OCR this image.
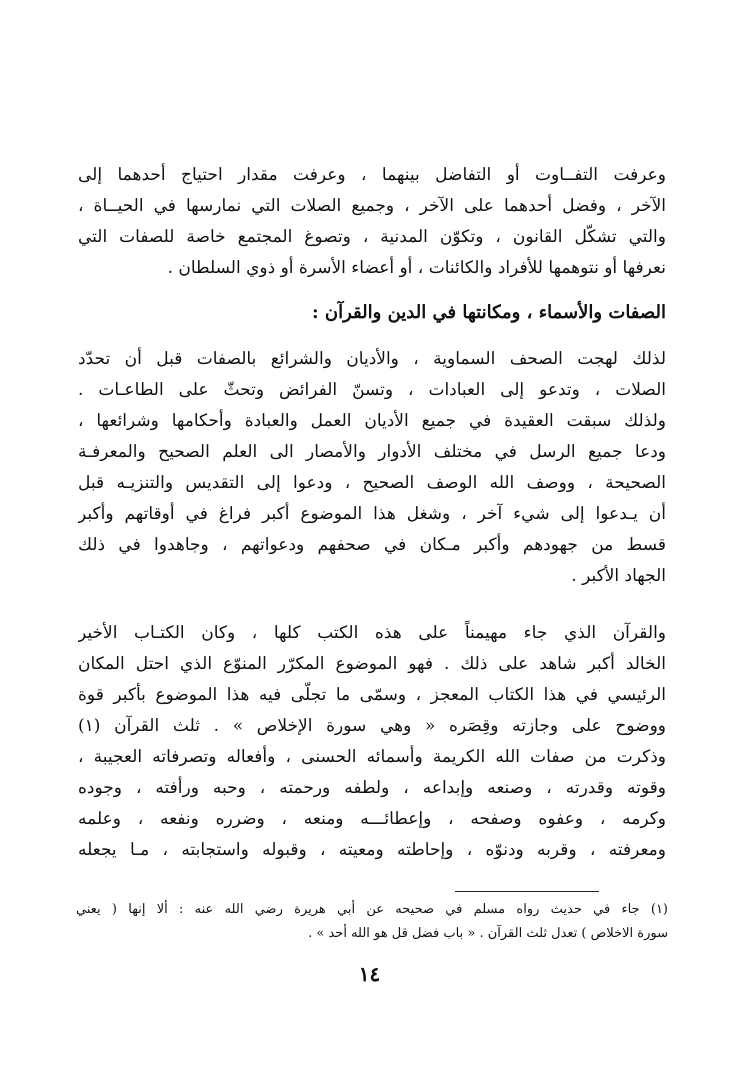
وعرفت التفــاوت أو التفاضل بينهما ، وعرفت مقدار احتياج أحدهما إلى
الآخر ، وفضل أحدهما على الآخر ، وجميع الصلات التي نمارسها في الحيــاة ،
والتي تشكّل القانون ، وتكوّن المدنية ، وتصوغ المجتمع خاصة للصفات التي
نعرفها أو نتوهمها للأفراد والكائنات ، أو أعضاء الأسرة أو ذوي السلطان .
الصفات والأسماء ، ومكانتها في الدين والقرآن :
لذلك لهجت الصحف السماوية ، والأديان والشرائع بالصفات قبل أن تحدّد
الصلات ، وتدعو إلى العبادات ، وتسنّ الفرائض وتحثّ على الطاعـات .
ولذلك سبقت العقيدة في جميع الأديان العمل والعبادة وأحكامها وشرائعها ،
ودعا جميع الرسل في مختلف الأدوار والأمصار الى العلم الصحيح والمعرفـة
الصحيحة ، ووصف الله الوصف الصحيح ، ودعوا إلى التقديس والتنزيـه قبل
أن يـدعوا إلى شيء آخر ، وشغل هذا الموضوع أكبر فراغ في أوقاتهم وأكبر
قسط من جهودهم وأكبر مـكان في صحفهم ودعواتهم ، وجاهدوا في ذلك
الجهاد الأكبر .
والقرآن الذي جاء مهيمناً على هذه الكتب كلها ، وكان الكتـاب الأخير
الخالد أكبر شاهد على ذلك . فهو الموضوع المكرّر المنوّع الذي احتل المكان
الرئيسي في هذا الكتاب المعجز ، وسمّى ما تجلّى فيه هذا الموضوع بأكبر قوة
ووضوح على وجازته وقِصَره « وهي سورة الإخلاص » . ثلث القرآن (١)
وذكرت من صفات الله الكريمة وأسمائه الحسنى ، وأفعاله وتصرفاته العجيبة ،
وقوته وقدرته ، وصنعه وإبداعه ، ولطفه ورحمته ، وحبه ورأفته ، وجوده
وكرمه ، وعفوه وصفحه ، وإعطائـــه ومنعه ، وضرره ونفعه ، وعلمه
ومعرفته ، وقربه ودنوّه ، وإحاطته ومعيته ، وقبوله واستجابته ، مـا يجعله
(١) جاء في حديث رواه مسلم في صحيحه عن أبي هريرة رضي الله عنه : ألا إنها ( يعني
سورة الاخلاص ) تعدل ثلث القرآن . « باب فضل قل هو الله أحد » .
١٤
